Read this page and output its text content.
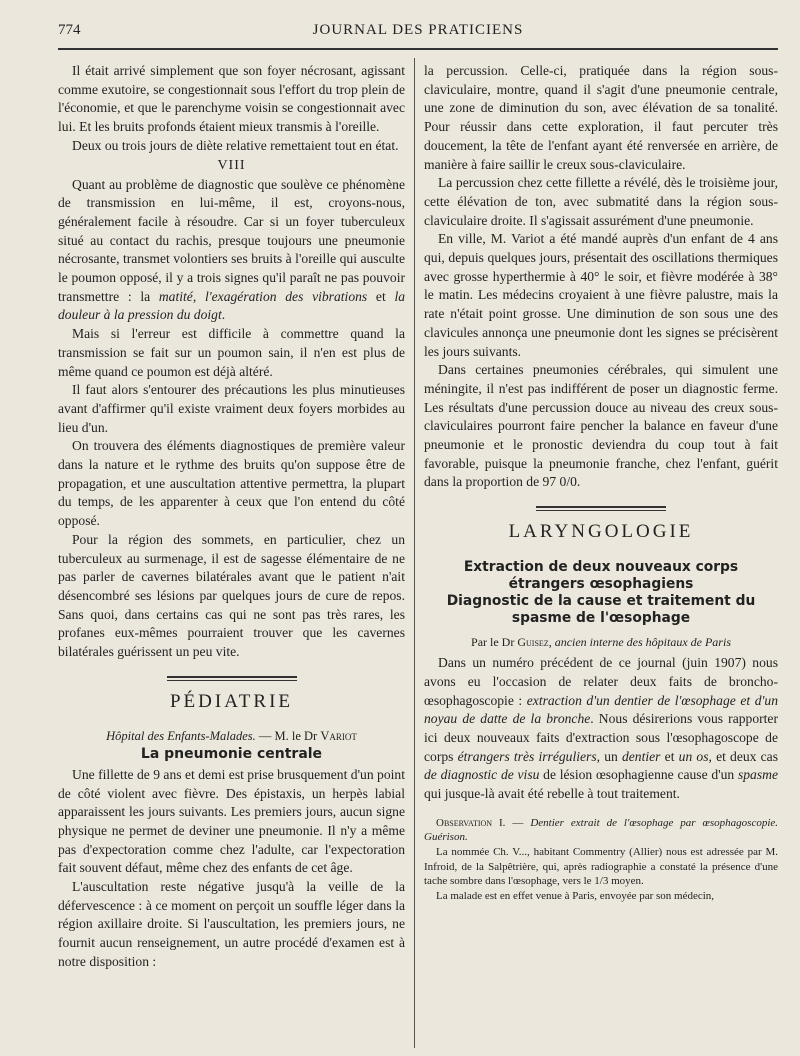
774	JOURNAL DES PRATICIENS

Il était arrivé simplement que son foyer nécrosant, agissant comme exutoire, se congestionnait sous l'effort du trop plein de l'économie, et que le parenchyme voisin se congestionnait avec lui. Et les bruits profonds étaient mieux transmis à l'oreille.

Deux ou trois jours de diète relative remettaient tout en état.

VIII

Quant au problème de diagnostic que soulève ce phénomène de transmission en lui-même, il est, croyons-nous, généralement facile à résoudre. Car si un foyer tuberculeux situé au contact du rachis, presque toujours une pneumonie nécrosante, transmet volontiers ses bruits à l'oreille qui ausculte le poumon opposé, il y a trois signes qu'il paraît ne pas pouvoir transmettre : la matité, l'exagération des vibrations et la douleur à la pression du doigt.

Mais si l'erreur est difficile à commettre quand la transmission se fait sur un poumon sain, il n'en est plus de même quand ce poumon est déjà altéré.

Il faut alors s'entourer des précautions les plus minutieuses avant d'affirmer qu'il existe vraiment deux foyers morbides au lieu d'un.

On trouvera des éléments diagnostiques de première valeur dans la nature et le rythme des bruits qu'on suppose être de propagation, et une auscultation attentive permettra, la plupart du temps, de les apparenter à ceux que l'on entend du côté opposé.

Pour la région des sommets, en particulier, chez un tuberculeux au surmenage, il est de sagesse élémentaire de ne pas parler de cavernes bilatérales avant que le patient n'ait désencombré ses lésions par quelques jours de cure de repos. Sans quoi, dans certains cas qui ne sont pas très rares, les profanes eux-mêmes pourraient trouver que les cavernes bilatérales guérissent un peu vite.

PÉDIATRIE
Hôpital des Enfants-Malades. — M. le Dr Variot
La pneumonie centrale

Une fillette de 9 ans et demi est prise brusquement d'un point de côté violent avec fièvre. Des épistaxis, un herpès labial apparaissent les jours suivants. Les premiers jours, aucun signe physique ne permet de deviner une pneumonie. Il n'y a même pas d'expectoration comme chez l'adulte, car l'expectoration fait souvent défaut, même chez des enfants de cet âge.

L'auscultation reste négative jusqu'à la veille de la défervescence : à ce moment on perçoit un souffle léger dans la région axillaire droite. Si l'auscultation, les premiers jours, ne fournit aucun renseignement, un autre procédé d'examen est à notre disposition :

la percussion. Celle-ci, pratiquée dans la région sous-claviculaire, montre, quand il s'agit d'une pneumonie centrale, une zone de diminution du son, avec élévation de sa tonalité. Pour réussir dans cette exploration, il faut percuter très doucement, la tête de l'enfant ayant été renversée en arrière, de manière à faire saillir le creux sous-claviculaire.

La percussion chez cette fillette a révélé, dès le troisième jour, cette élévation de ton, avec submatité dans la région sous-claviculaire droite. Il s'agissait assurément d'une pneumonie.

En ville, M. Variot a été mandé auprès d'un enfant de 4 ans qui, depuis quelques jours, présentait des oscillations thermiques avec grosse hyperthermie à 40° le soir, et fièvre modérée à 38° le matin. Les médecins croyaient à une fièvre palustre, mais la rate n'était point grosse. Une diminution de son sous une des clavicules annonça une pneumonie dont les signes se précisèrent les jours suivants.

Dans certaines pneumonies cérébrales, qui simulent une méningite, il n'est pas indifférent de poser un diagnostic ferme. Les résultats d'une percussion douce au niveau des creux sous-claviculaires pourront faire pencher la balance en faveur d'une pneumonie et le pronostic deviendra du coup tout à fait favorable, puisque la pneumonie franche, chez l'enfant, guérit dans la proportion de 97 0/0.

LARYNGOLOGIE
Extraction de deux nouveaux corps étrangers œsophagiens
Diagnostic de la cause et traitement du spasme de l'œsophage
Par le Dr Guisez, ancien interne des hôpitaux de Paris

Dans un numéro précédent de ce journal (juin 1907) nous avons eu l'occasion de relater deux faits de broncho-œsophagoscopie : extraction d'un dentier de l'œsophage et d'un noyau de datte de la bronche. Nous désirerions vous rapporter ici deux nouveaux faits d'extraction sous l'œsophagoscope de corps étrangers très irréguliers, un dentier et un os, et deux cas de diagnostic de visu de lésion œsophagienne cause d'un spasme qui jusque-là avait été rebelle à tout traitement.

Observation I. — Dentier extrait de l'œsophage par œsophagoscopie. Guérison.

La nommée Ch. V..., habitant Commentry (Allier) nous est adressée par M. Infroid, de la Salpêtrière, qui, après radiographie a constaté la présence d'une tache sombre dans l'œsophage, vers le 1/3 moyen.

La malade est en effet venue à Paris, envoyée par son médecin,
